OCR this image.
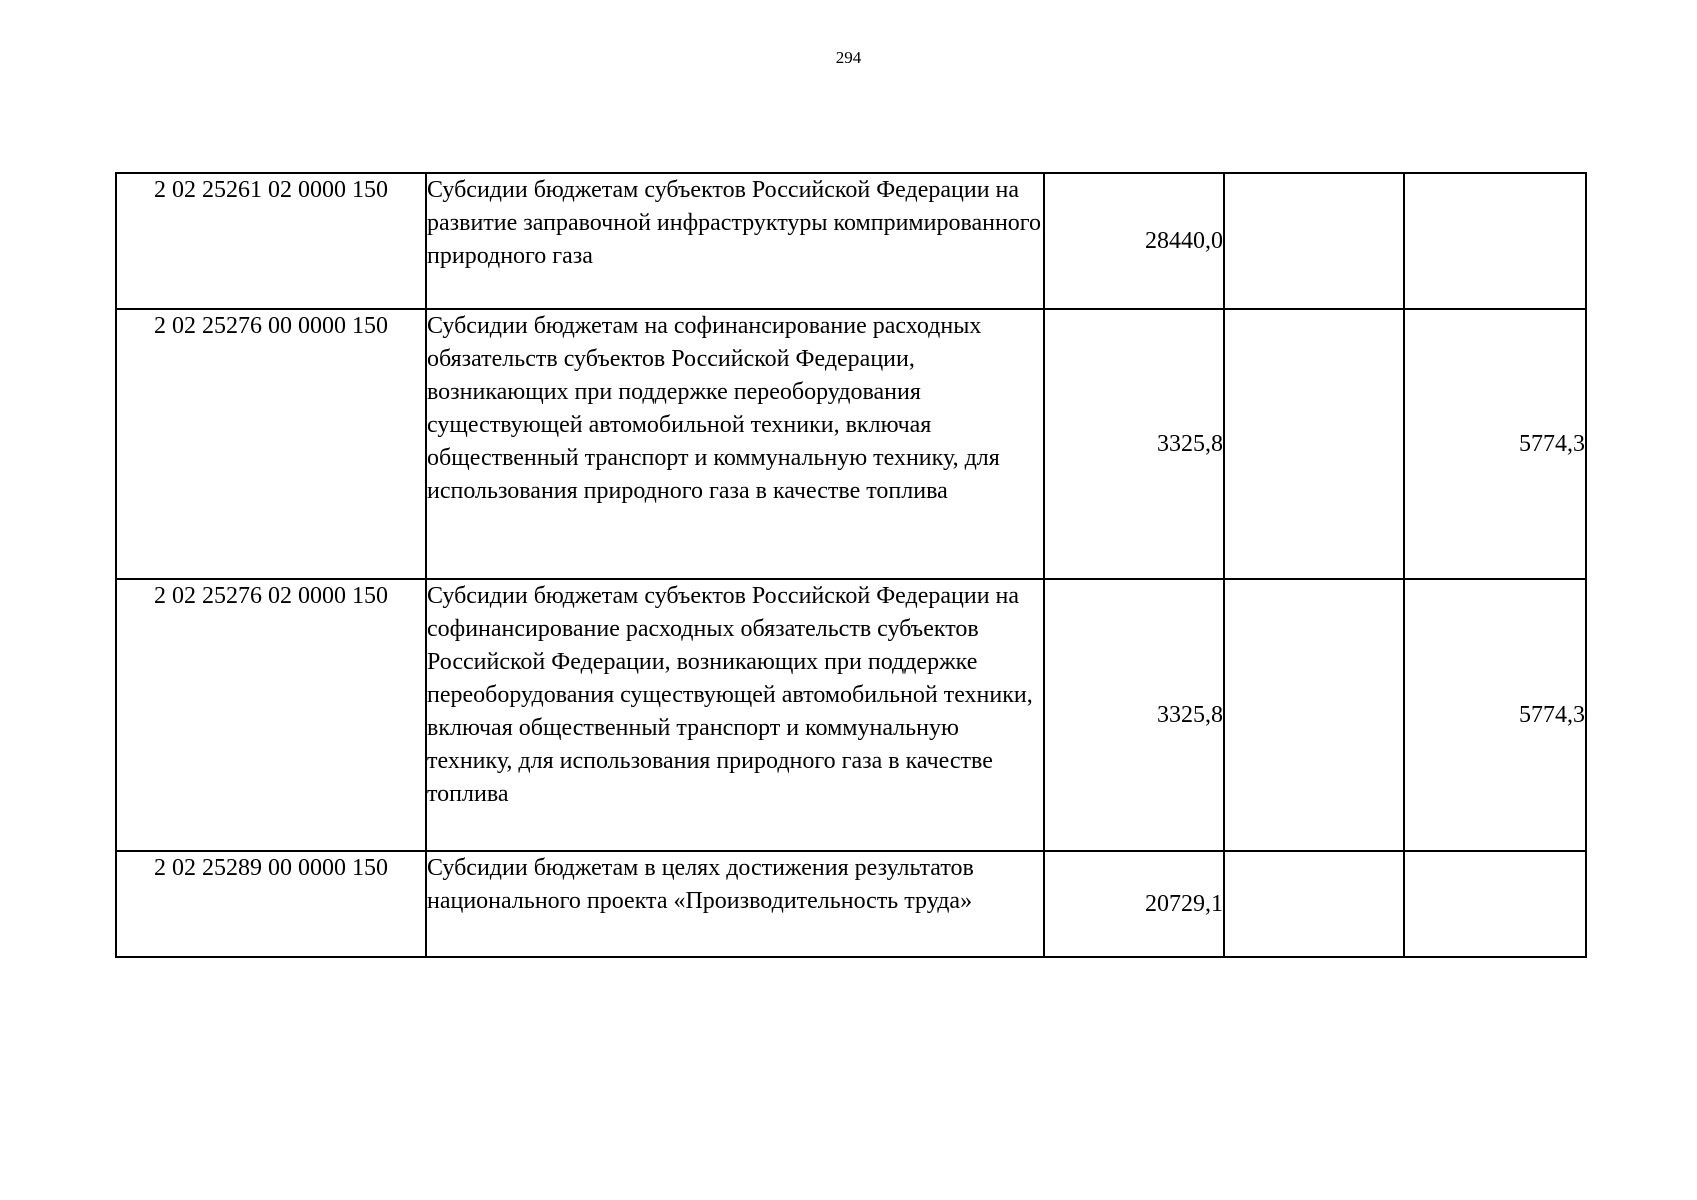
294
2 02 25261 02 0000 150	Субсидии бюджетам субъектов Российской Федерации на развитие заправочной инфраструктуры компримированного природного газа	28440,0		
2 02 25276 00 0000 150	Субсидии бюджетам на софинансирование расходных обязательств субъектов Российской Федерации, возникающих при поддержке переоборудования существующей автомобильной техники, включая общественный транспорт и коммунальную технику, для использования природного газа в качестве топлива	3325,8		5774,3
2 02 25276 02 0000 150	Субсидии бюджетам субъектов Российской Федерации на софинансирование расходных обязательств субъектов Российской Федерации, возникающих при поддержке переоборудования существующей автомобильной техники, включая общественный транспорт и коммунальную технику, для использования природного газа в качестве топлива	3325,8		5774,3
2 02 25289 00 0000 150	Субсидии бюджетам в целях достижения результатов национального проекта «Производительность труда»	20729,1		
